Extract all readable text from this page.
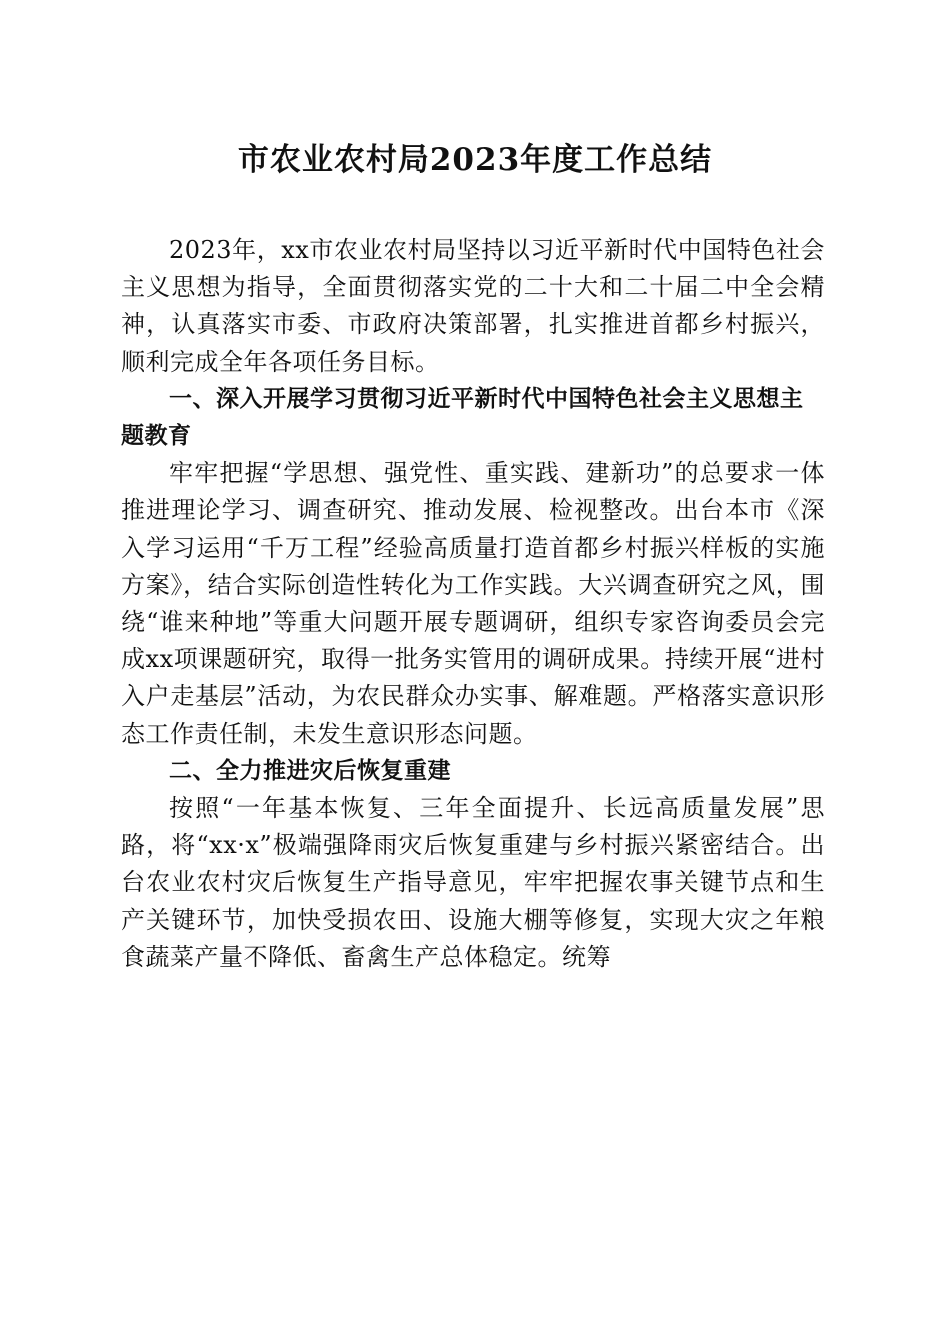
市农业农村局2023年度工作总结

2023年，xx市农业农村局坚持以习近平新时代中国特色社会主义思想为指导，全面贯彻落实党的二十大和二十届二中全会精神，认真落实市委、市政府决策部署，扎实推进首都乡村振兴，顺利完成全年各项任务目标。

一、深入开展学习贯彻习近平新时代中国特色社会主义思想主题教育

牢牢把握“学思想、强党性、重实践、建新功”的总要求一体推进理论学习、调查研究、推动发展、检视整改。出台本市《深入学习运用“千万工程”经验高质量打造首都乡村振兴样板的实施方案》，结合实际创造性转化为工作实践。大兴调查研究之风，围绕“谁来种地”等重大问题开展专题调研，组织专家咨询委员会完成xx项课题研究，取得一批务实管用的调研成果。持续开展“进村入户走基层”活动，为农民群众办实事、解难题。严格落实意识形态工作责任制，未发生意识形态问题。

二、全力推进灾后恢复重建

按照“一年基本恢复、三年全面提升、长远高质量发展”思路，将“xx·x”极端强降雨灾后恢复重建与乡村振兴紧密结合。出台农业农村灾后恢复生产指导意见，牢牢把握农事关键节点和生产关键环节，加快受损农田、设施大棚等修复，实现大灾之年粮食蔬菜产量不降低、畜禽生产总体稳定。统筹
